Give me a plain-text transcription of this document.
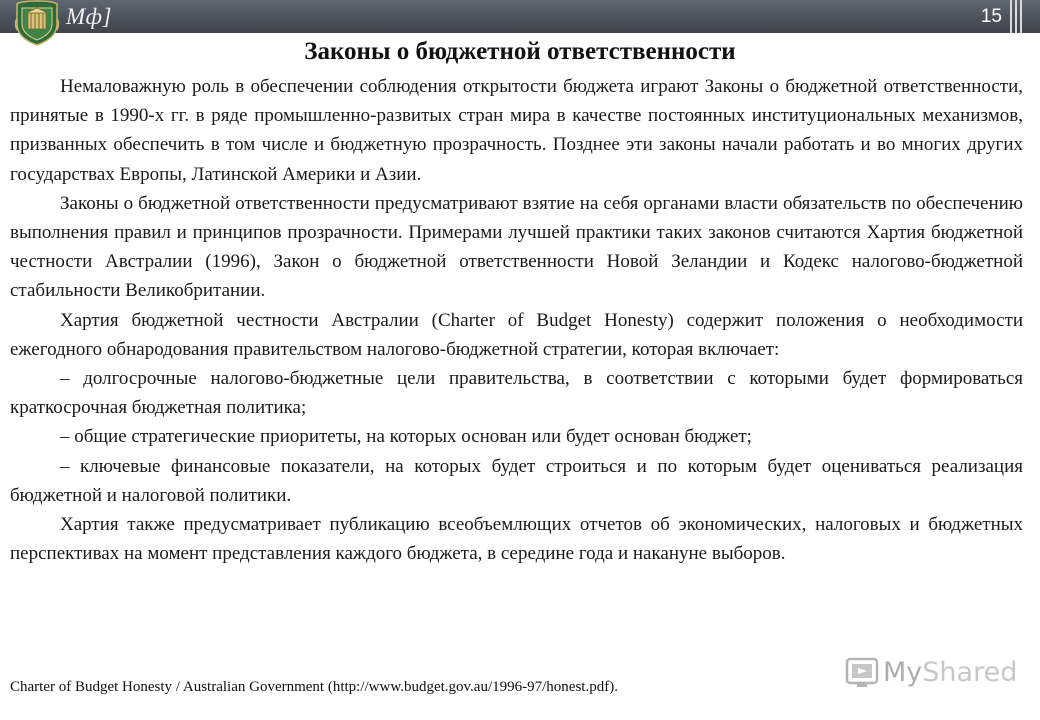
Мф]	15
Законы о бюджетной ответственности

Немаловажную роль в обеспечении соблюдения открытости бюджета играют Законы о бюджетной ответственности, принятые в 1990-х гг. в ряде промышленно-развитых стран мира в качестве постоянных институциональных механизмов, призванных обеспечить в том числе и бюджетную прозрачность. Позднее эти законы начали работать и во многих других государствах Европы, Латинской Америки и Азии.

Законы о бюджетной ответственности предусматривают взятие на себя органами власти обязательств по обеспечению выполнения правил и принципов прозрачности. Примерами лучшей практики таких законов считаются Хартия бюджетной честности Австралии (1996), Закон о бюджетной ответственности Новой Зеландии и Кодекс налогово-бюджетной стабильности Великобритании.

Хартия бюджетной честности Австралии (Charter of Budget Honesty) содержит положения о необходимости ежегодного обнародования правительством налогово-бюджетной стратегии, которая включает:

– долгосрочные налогово-бюджетные цели правительства, в соответствии с которыми будет формироваться краткосрочная бюджетная политика;

– общие стратегические приоритеты, на которых основан или будет основан бюджет;

– ключевые финансовые показатели, на которых будет строиться и по которым будет оцениваться реализация бюджетной и налоговой политики.

Хартия также предусматривает публикацию всеобъемлющих отчетов об экономических, налоговых и бюджетных перспективах на момент представления каждого бюджета, в середине года и накануне выборов.

Charter of Budget Honesty / Australian Government (http://www.budget.gov.au/1996-97/honest.pdf).	MyShared
